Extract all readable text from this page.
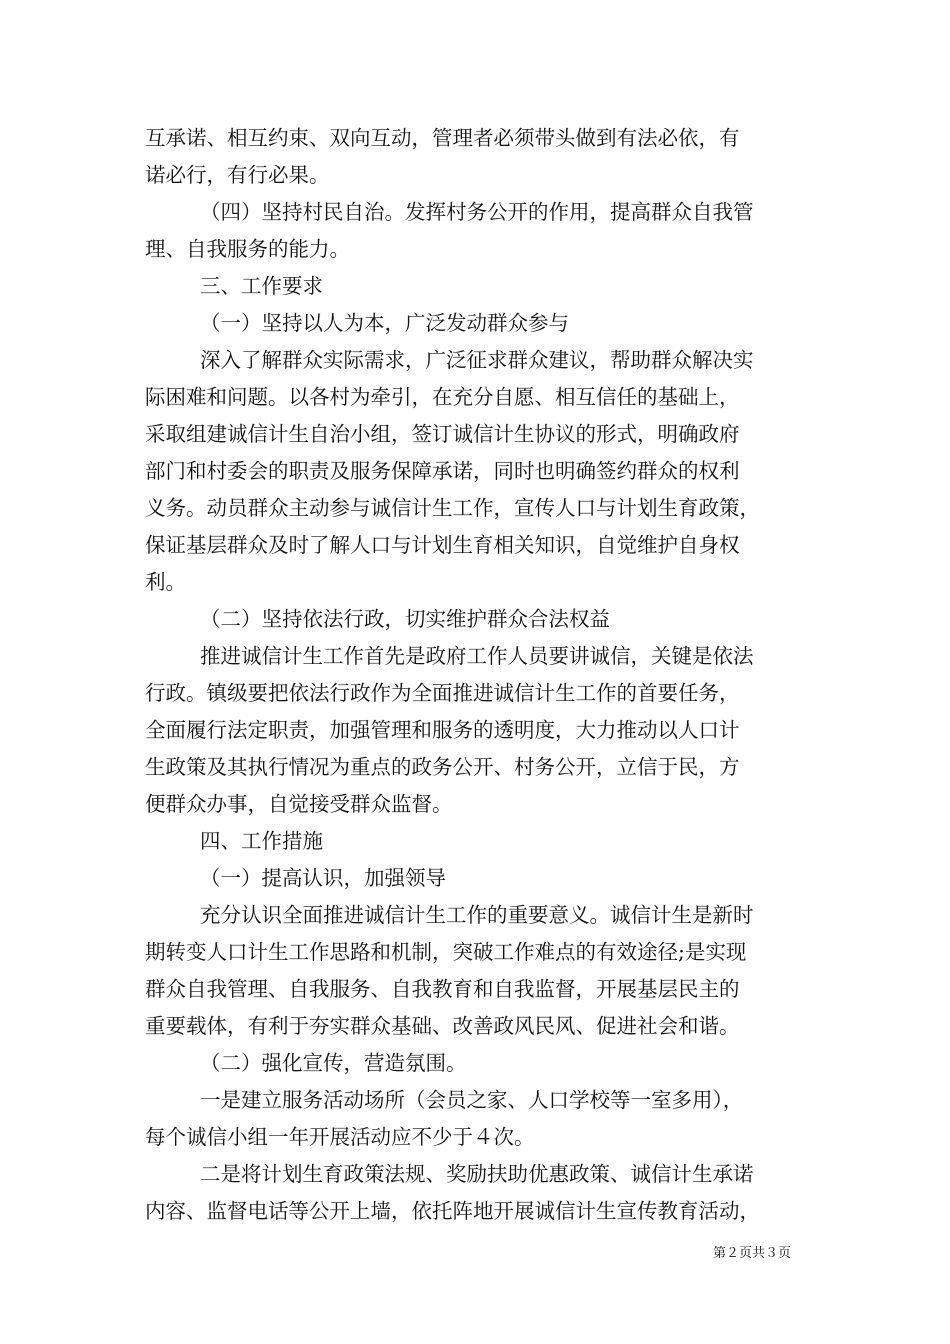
互承诺、相互约束、双向互动，管理者必须带头做到有法必依，有
诺必行，有行必果。
（四）坚持村民自治。发挥村务公开的作用，提高群众自我管
理、自我服务的能力。
三、工作要求
（一）坚持以人为本，广泛发动群众参与
深入了解群众实际需求，广泛征求群众建议，帮助群众解决实
际困难和问题。以各村为牵引，在充分自愿、相互信任的基础上，
采取组建诚信计生自治小组，签订诚信计生协议的形式，明确政府
部门和村委会的职责及服务保障承诺，同时也明确签约群众的权利
义务。动员群众主动参与诚信计生工作，宣传人口与计划生育政策，
保证基层群众及时了解人口与计划生育相关知识，自觉维护自身权
利。
（二）坚持依法行政，切实维护群众合法权益
推进诚信计生工作首先是政府工作人员要讲诚信，关键是依法
行政。镇级要把依法行政作为全面推进诚信计生工作的首要任务，
全面履行法定职责，加强管理和服务的透明度，大力推动以人口计
生政策及其执行情况为重点的政务公开、村务公开，立信于民，方
便群众办事，自觉接受群众监督。
四、工作措施
（一）提高认识，加强领导
充分认识全面推进诚信计生工作的重要意义。诚信计生是新时
期转变人口计生工作思路和机制，突破工作难点的有效途径;是实现
群众自我管理、自我服务、自我教育和自我监督，开展基层民主的
重要载体，有利于夯实群众基础、改善政风民风、促进社会和谐。
（二）强化宣传，营造氛围。
一是建立服务活动场所（会员之家、人口学校等一室多用），
每个诚信小组一年开展活动应不少于４次。
二是将计划生育政策法规、奖励扶助优惠政策、诚信计生承诺
内容、监督电话等公开上墙，依托阵地开展诚信计生宣传教育活动，
第２页共３页
